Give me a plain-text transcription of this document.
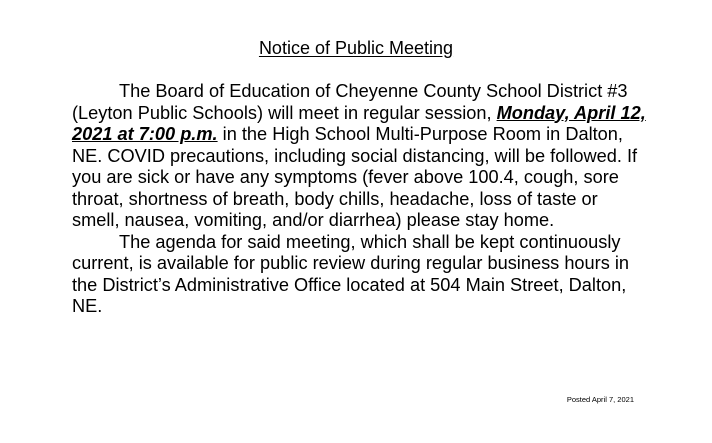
Notice of Public Meeting

The Board of Education of Cheyenne County School District #3 (Leyton Public Schools) will meet in regular session, Monday, April 12, 2021 at 7:00 p.m. in the High School Multi-Purpose Room in Dalton, NE. COVID precautions, including social distancing, will be followed. If you are sick or have any symptoms (fever above 100.4, cough, sore throat, shortness of breath, body chills, headache, loss of taste or smell, nausea, vomiting, and/or diarrhea) please stay home.

The agenda for said meeting, which shall be kept continuously current, is available for public review during regular business hours in the District’s Administrative Office located at 504 Main Street, Dalton, NE.

Posted April 7, 2021
